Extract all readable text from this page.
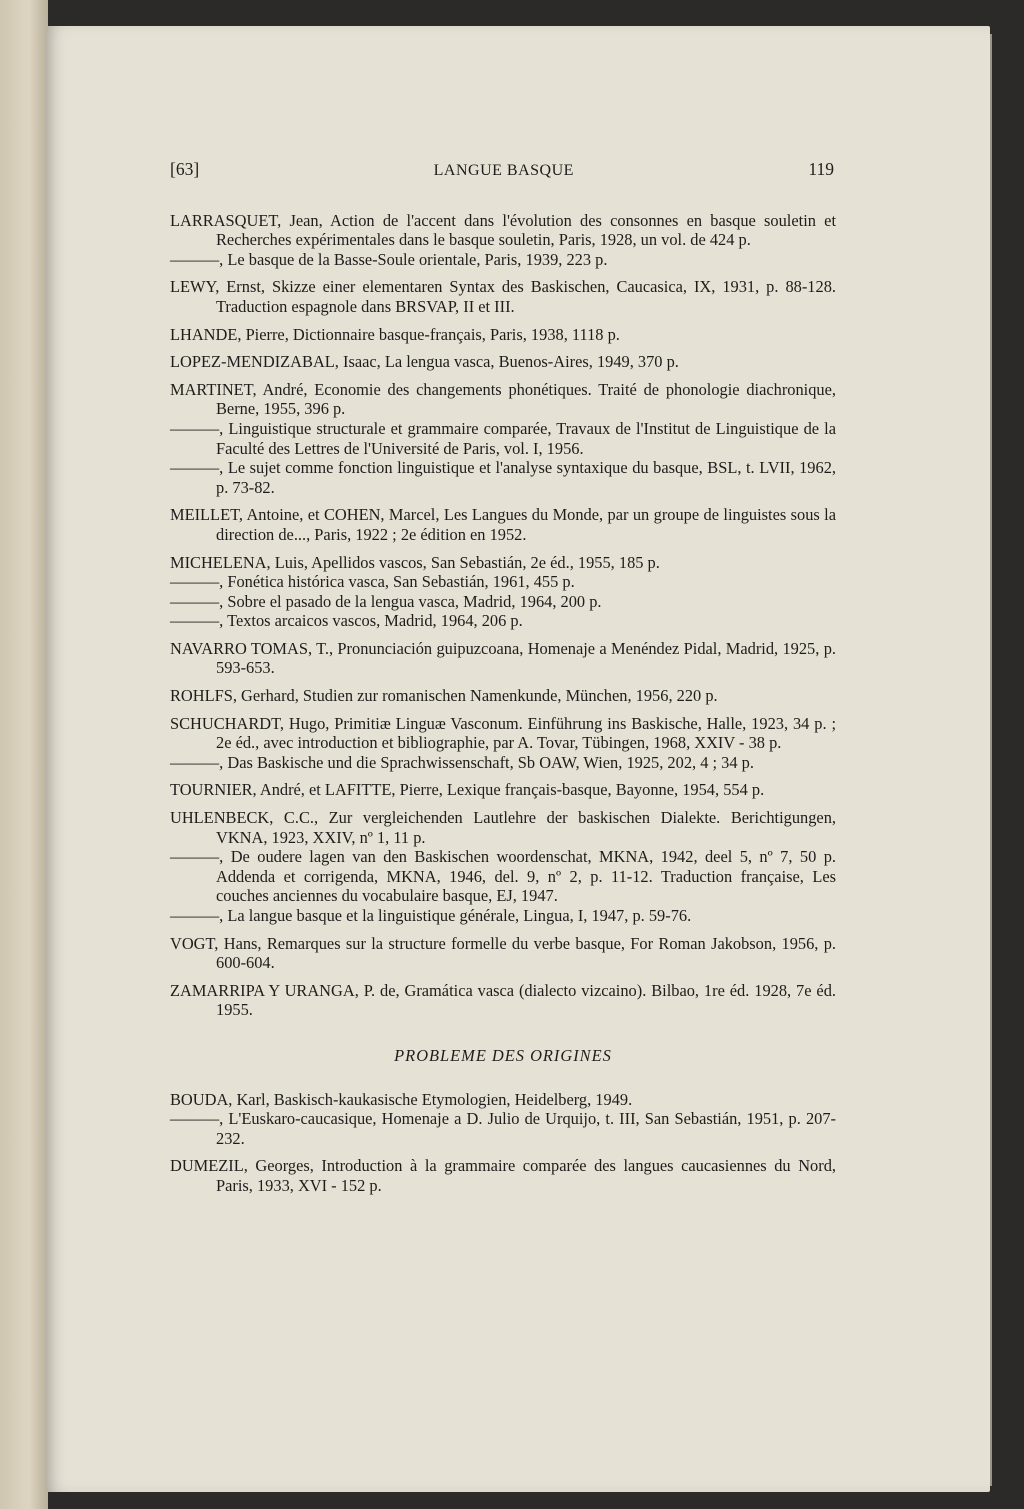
[63]	LANGUE BASQUE	119
LARRASQUET, Jean, Action de l'accent dans l'évolution des consonnes en basque souletin et Recherches expérimentales dans le basque souletin, Paris, 1928, un vol. de 424 p.
———, Le basque de la Basse-Soule orientale, Paris, 1939, 223 p.
LEWY, Ernst, Skizze einer elementaren Syntax des Baskischen, Caucasica, IX, 1931, p. 88-128. Traduction espagnole dans BRSVAP, II et III.
LHANDE, Pierre, Dictionnaire basque-français, Paris, 1938, 1118 p.
LOPEZ-MENDIZABAL, Isaac, La lengua vasca, Buenos-Aires, 1949, 370 p.
MARTINET, André, Economie des changements phonétiques. Traité de phonologie diachronique, Berne, 1955, 396 p.
———, Linguistique structurale et grammaire comparée, Travaux de l'Institut de Linguistique de la Faculté des Lettres de l'Université de Paris, vol. I, 1956.
———, Le sujet comme fonction linguistique et l'analyse syntaxique du basque, BSL, t. LVII, 1962, p. 73-82.
MEILLET, Antoine, et COHEN, Marcel, Les Langues du Monde, par un groupe de linguistes sous la direction de..., Paris, 1922 ; 2e édition en 1952.
MICHELENA, Luis, Apellidos vascos, San Sebastián, 2e éd., 1955, 185 p.
———, Fonética histórica vasca, San Sebastián, 1961, 455 p.
———, Sobre el pasado de la lengua vasca, Madrid, 1964, 200 p.
———, Textos arcaicos vascos, Madrid, 1964, 206 p.
NAVARRO TOMAS, T., Pronunciación guipuzcoana, Homenaje a Menéndez Pidal, Madrid, 1925, p. 593-653.
ROHLFS, Gerhard, Studien zur romanischen Namenkunde, München, 1956, 220 p.
SCHUCHARDT, Hugo, Primitiæ Linguæ Vasconum. Einführung ins Baskische, Halle, 1923, 34 p. ; 2e éd., avec introduction et bibliographie, par A. Tovar, Tübingen, 1968, XXIV - 38 p.
———, Das Baskische und die Sprachwissenschaft, Sb OAW, Wien, 1925, 202, 4 ; 34 p.
TOURNIER, André, et LAFITTE, Pierre, Lexique français-basque, Bayonne, 1954, 554 p.
UHLENBECK, C.C., Zur vergleichenden Lautlehre der baskischen Dialekte. Berichtigungen, VKNA, 1923, XXIV, nº 1, 11 p.
———, De oudere lagen van den Baskischen woordenschat, MKNA, 1942, deel 5, nº 7, 50 p. Addenda et corrigenda, MKNA, 1946, del. 9, nº 2, p. 11-12. Traduction française, Les couches anciennes du vocabulaire basque, EJ, 1947.
———, La langue basque et la linguistique générale, Lingua, I, 1947, p. 59-76.
VOGT, Hans, Remarques sur la structure formelle du verbe basque, For Roman Jakobson, 1956, p. 600-604.
ZAMARRIPA Y URANGA, P. de, Gramática vasca (dialecto vizcaino). Bilbao, 1re éd. 1928, 7e éd. 1955.
PROBLEME DES ORIGINES
BOUDA, Karl, Baskisch-kaukasische Etymologien, Heidelberg, 1949.
———, L'Euskaro-caucasique, Homenaje a D. Julio de Urquijo, t. III, San Sebastián, 1951, p. 207-232.
DUMEZIL, Georges, Introduction à la grammaire comparée des langues caucasiennes du Nord, Paris, 1933, XVI - 152 p.
